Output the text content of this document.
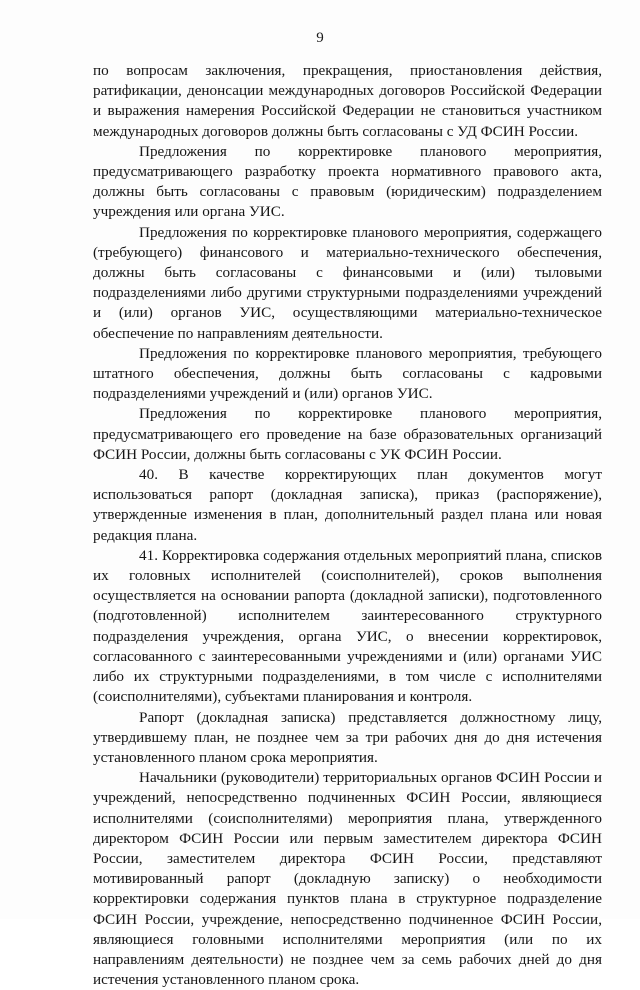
9

по вопросам заключения, прекращения, приостановления действия, ратификации, денонсации международных договоров Российской Федерации и выражения намерения Российской Федерации не становиться участником международных договоров должны быть согласованы с УД ФСИН России.

Предложения по корректировке планового мероприятия, предусматривающего разработку проекта нормативного правового акта, должны быть согласованы с правовым (юридическим) подразделением учреждения или органа УИС.

Предложения по корректировке планового мероприятия, содержащего (требующего) финансового и материально-технического обеспечения, должны быть согласованы с финансовыми и (или) тыловыми подразделениями либо другими структурными подразделениями учреждений и (или) органов УИС, осуществляющими материально-техническое обеспечение по направлениям деятельности.

Предложения по корректировке планового мероприятия, требующего штатного обеспечения, должны быть согласованы с кадровыми подразделениями учреждений и (или) органов УИС.

Предложения по корректировке планового мероприятия, предусматривающего его проведение на базе образовательных организаций ФСИН России, должны быть согласованы с УК ФСИН России.

40. В качестве корректирующих план документов могут использоваться рапорт (докладная записка), приказ (распоряжение), утвержденные изменения в план, дополнительный раздел плана или новая редакция плана.

41. Корректировка содержания отдельных мероприятий плана, списков их головных исполнителей (соисполнителей), сроков выполнения осуществляется на основании рапорта (докладной записки), подготовленного (подготовленной) исполнителем заинтересованного структурного подразделения учреждения, органа УИС, о внесении корректировок, согласованного с заинтересованными учреждениями и (или) органами УИС либо их структурными подразделениями, в том числе с исполнителями (соисполнителями), субъектами планирования и контроля.

Рапорт (докладная записка) представляется должностному лицу, утвердившему план, не позднее чем за три рабочих дня до дня истечения установленного планом срока мероприятия.

Начальники (руководители) территориальных органов ФСИН России и учреждений, непосредственно подчиненных ФСИН России, являющиеся исполнителями (соисполнителями) мероприятия плана, утвержденного директором ФСИН России или первым заместителем директора ФСИН России, заместителем директора ФСИН России, представляют мотивированный рапорт (докладную записку) о необходимости корректировки содержания пунктов плана в структурное подразделение ФСИН России, учреждение, непосредственно подчиненное ФСИН России, являющиеся головными исполнителями мероприятия (или по их направлениям деятельности) не позднее чем за семь рабочих дней до дня истечения установленного планом срока.
